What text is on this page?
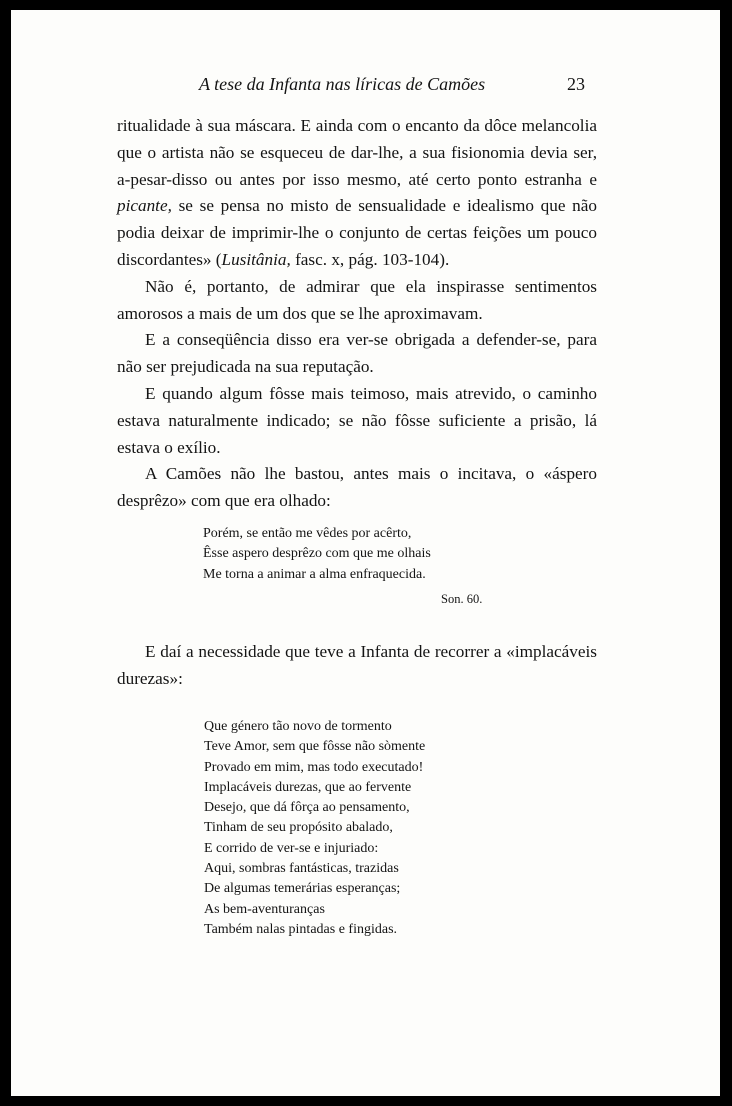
A tese da Infanta nas líricas de Camões	23

ritualidade à sua máscara. E ainda com o encanto da dôce melancolia que o artista não se esqueceu de dar-lhe, a sua fisionomia devia ser, a-pesar-disso ou antes por isso mesmo, até certo ponto estranha e picante, se se pensa no misto de sensualidade e idealismo que não podia deixar de imprimir-lhe o conjunto de certas feições um pouco discordantes» (Lusitânia, fasc. x, pág. 103-104).

Não é, portanto, de admirar que ela inspirasse sentimentos amorosos a mais de um dos que se lhe aproximavam.

E a conseqüência disso era ver-se obrigada a defender-se, para não ser prejudicada na sua reputação.

E quando algum fôsse mais teimoso, mais atrevido, o caminho estava naturalmente indicado; se não fôsse suficiente a prisão, lá estava o exílio.

A Camões não lhe bastou, antes mais o incitava, o «áspero desprêzo» com que era olhado:

Porém, se então me vêdes por acêrto,
Êsse aspero desprêzo com que me olhais
Me torna a animar a alma enfraquecida.
Son. 60.

E daí a necessidade que teve a Infanta de recorrer a «implacáveis durezas»:

Que género tão novo de tormento
Teve Amor, sem que fôsse não sòmente
Provado em mim, mas todo executado!
Implacáveis durezas, que ao fervente
Desejo, que dá fôrça ao pensamento,
Tinham de seu propósito abalado,
E corrido de ver-se e injuriado:
Aqui, sombras fantásticas, trazidas
De algumas temerárias esperanças;
As bem-aventuranças
Também nalas pintadas e fingidas.
